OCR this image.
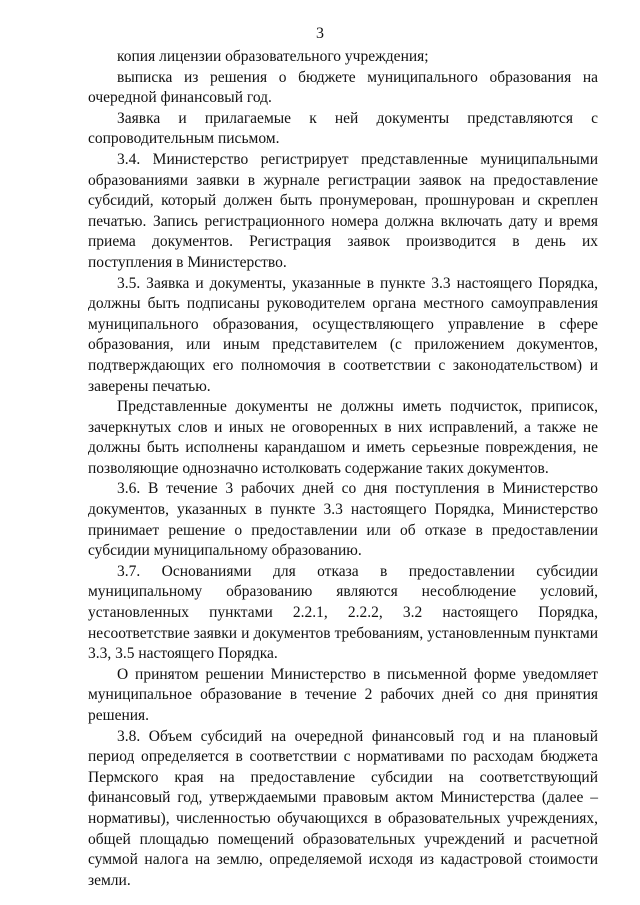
3

копия лицензии образовательного учреждения;

выписка из решения о бюджете муниципального образования на очередной финансовый год.

Заявка и прилагаемые к ней документы представляются с сопроводительным письмом.

3.4. Министерство регистрирует представленные муниципальными образованиями заявки в журнале регистрации заявок на предоставление субсидий, который должен быть пронумерован, прошнурован и скреплен печатью. Запись регистрационного номера должна включать дату и время приема документов. Регистрация заявок производится в день их поступления в Министерство.

3.5. Заявка и документы, указанные в пункте 3.3 настоящего Порядка, должны быть подписаны руководителем органа местного самоуправления муниципального образования, осуществляющего управление в сфере образования, или иным представителем (с приложением документов, подтверждающих его полномочия в соответствии с законодательством) и заверены печатью.

Представленные документы не должны иметь подчисток, приписок, зачеркнутых слов и иных не оговоренных в них исправлений, а также не должны быть исполнены карандашом и иметь серьезные повреждения, не позволяющие однозначно истолковать содержание таких документов.

3.6. В течение 3 рабочих дней со дня поступления в Министерство документов, указанных в пункте 3.3 настоящего Порядка, Министерство принимает решение о предоставлении или об отказе в предоставлении субсидии муниципальному образованию.

3.7. Основаниями для отказа в предоставлении субсидии муниципальному образованию являются несоблюдение условий, установленных пунктами 2.2.1, 2.2.2, 3.2 настоящего Порядка, несоответствие заявки и документов требованиям, установленным пунктами 3.3, 3.5 настоящего Порядка.

О принятом решении Министерство в письменной форме уведомляет муниципальное образование в течение 2 рабочих дней со дня принятия решения.

3.8. Объем субсидий на очередной финансовый год и на плановый период определяется в соответствии с нормативами по расходам бюджета Пермского края на предоставление субсидии на соответствующий финансовый год, утверждаемыми правовым актом Министерства (далее – нормативы), численностью обучающихся в образовательных учреждениях, общей площадью помещений образовательных учреждений и расчетной суммой налога на землю, определяемой исходя из кадастровой стоимости земли.
